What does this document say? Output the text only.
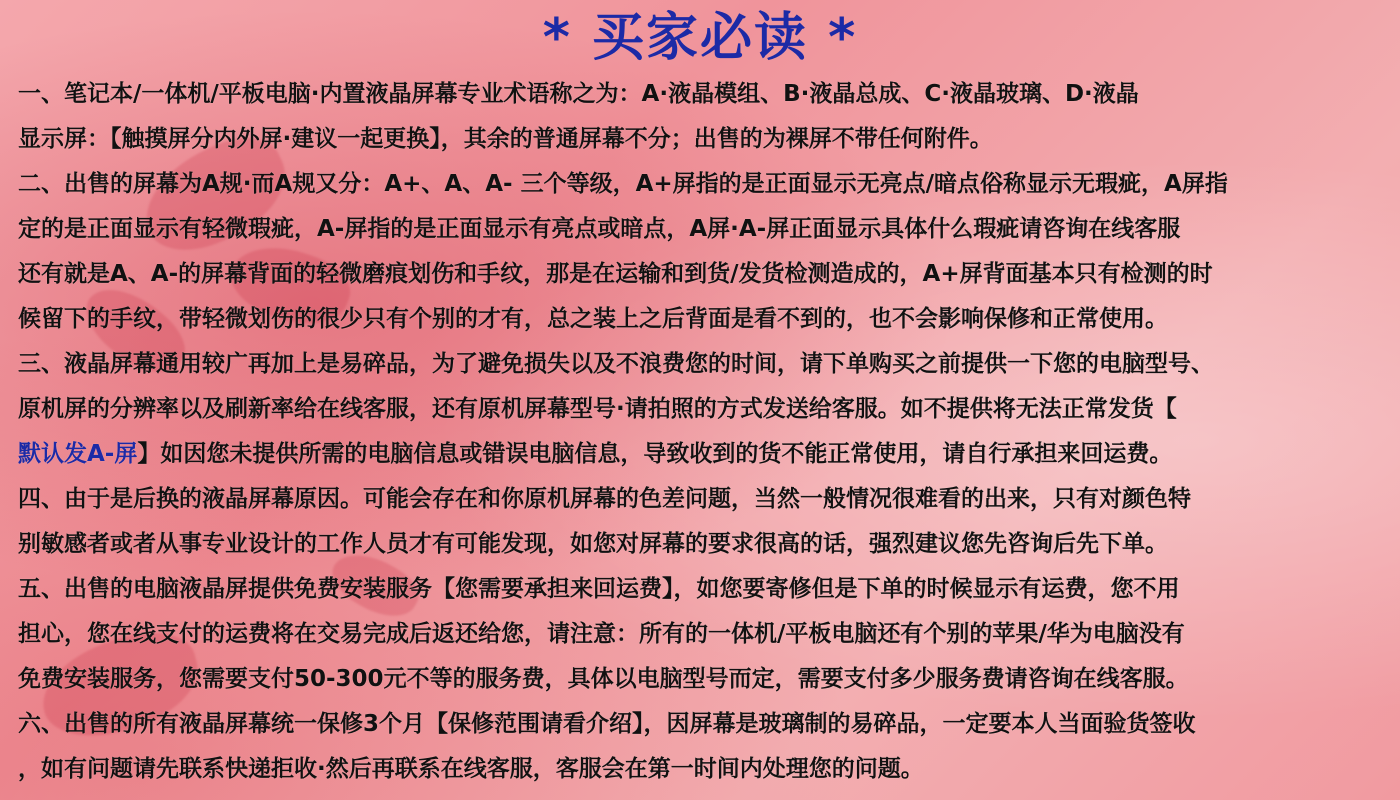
* 买家必读 *
一、笔记本/一体机/平板电脑·内置液晶屏幕专业术语称之为：A·液晶模组、B·液晶总成、C·液晶玻璃、D·液晶
显示屏：【触摸屏分内外屏·建议一起更换】，其余的普通屏幕不分；出售的为裸屏不带任何附件。
二、出售的屏幕为A规·而A规又分：A+、A、A- 三个等级，A+屏指的是正面显示无亮点/暗点俗称显示无瑕疵，A屏指
定的是正面显示有轻微瑕疵，A-屏指的是正面显示有亮点或暗点，A屏·A-屏正面显示具体什么瑕疵请咨询在线客服
还有就是A、A-的屏幕背面的轻微磨痕划伤和手纹，那是在运输和到货/发货检测造成的，A+屏背面基本只有检测的时
候留下的手纹，带轻微划伤的很少只有个别的才有，总之装上之后背面是看不到的，也不会影响保修和正常使用。
三、液晶屏幕通用较广再加上是易碎品，为了避免损失以及不浪费您的时间，请下单购买之前提供一下您的电脑型号、
原机屏的分辨率以及刷新率给在线客服，还有原机屏幕型号·请拍照的方式发送给客服。如不提供将无法正常发货【
默认发A-屏】如因您未提供所需的电脑信息或错误电脑信息，导致收到的货不能正常使用，请自行承担来回运费。
四、由于是后换的液晶屏幕原因。可能会存在和你原机屏幕的色差问题，当然一般情况很难看的出来，只有对颜色特
别敏感者或者从事专业设计的工作人员才有可能发现，如您对屏幕的要求很高的话，强烈建议您先咨询后先下单。
五、出售的电脑液晶屏提供免费安装服务【您需要承担来回运费】，如您要寄修但是下单的时候显示有运费，您不用
担心，您在线支付的运费将在交易完成后返还给您，请注意：所有的一体机/平板电脑还有个别的苹果/华为电脑没有
免费安装服务，您需要支付50-300元不等的服务费，具体以电脑型号而定，需要支付多少服务费请咨询在线客服。
六、出售的所有液晶屏幕统一保修3个月【保修范围请看介绍】，因屏幕是玻璃制的易碎品，一定要本人当面验货签收
，如有问题请先联系快递拒收·然后再联系在线客服，客服会在第一时间内处理您的问题。
